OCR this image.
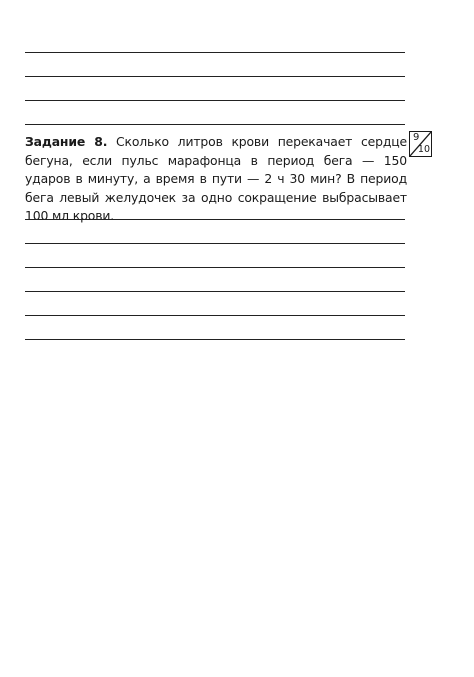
Задание 8. Сколько литров крови перекачает сердце бегуна, если пульс марафонца в период бега — 150 ударов в минуту, а время в пути — 2 ч 30 мин? В период бега левый желудочек за одно сокращение выбрасывает 100 мл крови.
9
10
